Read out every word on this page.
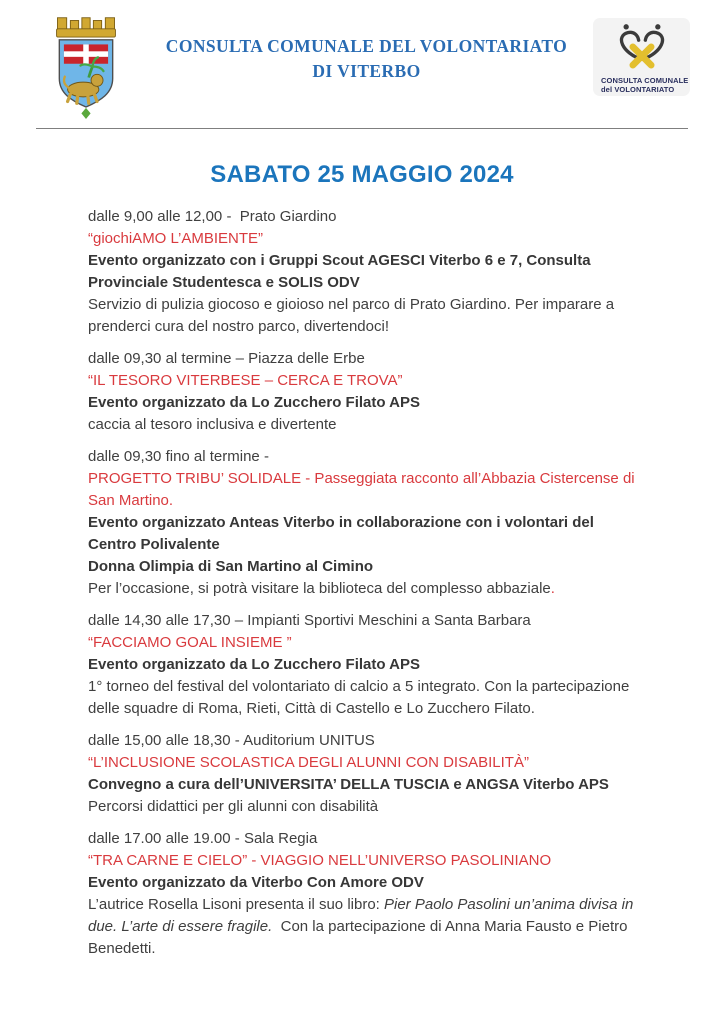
CONSULTA COMUNALE DEL VOLONTARIATO
DI VITERBO	CONSULTA COMUNALE
del VOLONTARIATO
SABATO 25 MAGGIO 2024

dalle 9,00 alle 12,00 -  Prato Giardino

“giochiAMO L’AMBIENTE”

Evento organizzato con i Gruppi Scout AGESCI Viterbo 6 e 7, Consulta Provinciale Studentesca e SOLIS ODV

Servizio di pulizia giocoso e gioioso nel parco di Prato Giardino. Per imparare a prenderci cura del nostro parco, divertendoci!

dalle 09,30 al termine – Piazza delle Erbe

“IL TESORO VITERBESE – CERCA E TROVA”

Evento organizzato da Lo Zucchero Filato APS

caccia al tesoro inclusiva e divertente

dalle 09,30 fino al termine -

PROGETTO TRIBU’ SOLIDALE - Passeggiata racconto all’Abbazia Cistercense di San Martino.

Evento organizzato Anteas Viterbo in collaborazione con i volontari del Centro Polivalente

Donna Olimpia di San Martino al Cimino

Per l’occasione, si potrà visitare la biblioteca del complesso abbaziale.

dalle 14,30 alle 17,30 – Impianti Sportivi Meschini a Santa Barbara

“FACCIAMO GOAL INSIEME ”

Evento organizzato da Lo Zucchero Filato APS

1° torneo del festival del volontariato di calcio a 5 integrato. Con la partecipazione delle squadre di Roma, Rieti, Città di Castello e Lo Zucchero Filato.

dalle 15,00 alle 18,30 - Auditorium UNITUS

“L’INCLUSIONE SCOLASTICA DEGLI ALUNNI CON DISABILITÀ”

Convegno a cura dell’UNIVERSITA’ DELLA TUSCIA e ANGSA Viterbo APS

Percorsi didattici per gli alunni con disabilità

dalle 17.00 alle 19.00 - Sala Regia

“TRA CARNE E CIELO” - VIAGGIO NELL’UNIVERSO PASOLINIANO

Evento organizzato da Viterbo Con Amore ODV

L’autrice Rosella Lisoni presenta il suo libro: Pier Paolo Pasolini un’anima divisa in due. L’arte di essere fragile.  Con la partecipazione di Anna Maria Fausto e Pietro Benedetti.
